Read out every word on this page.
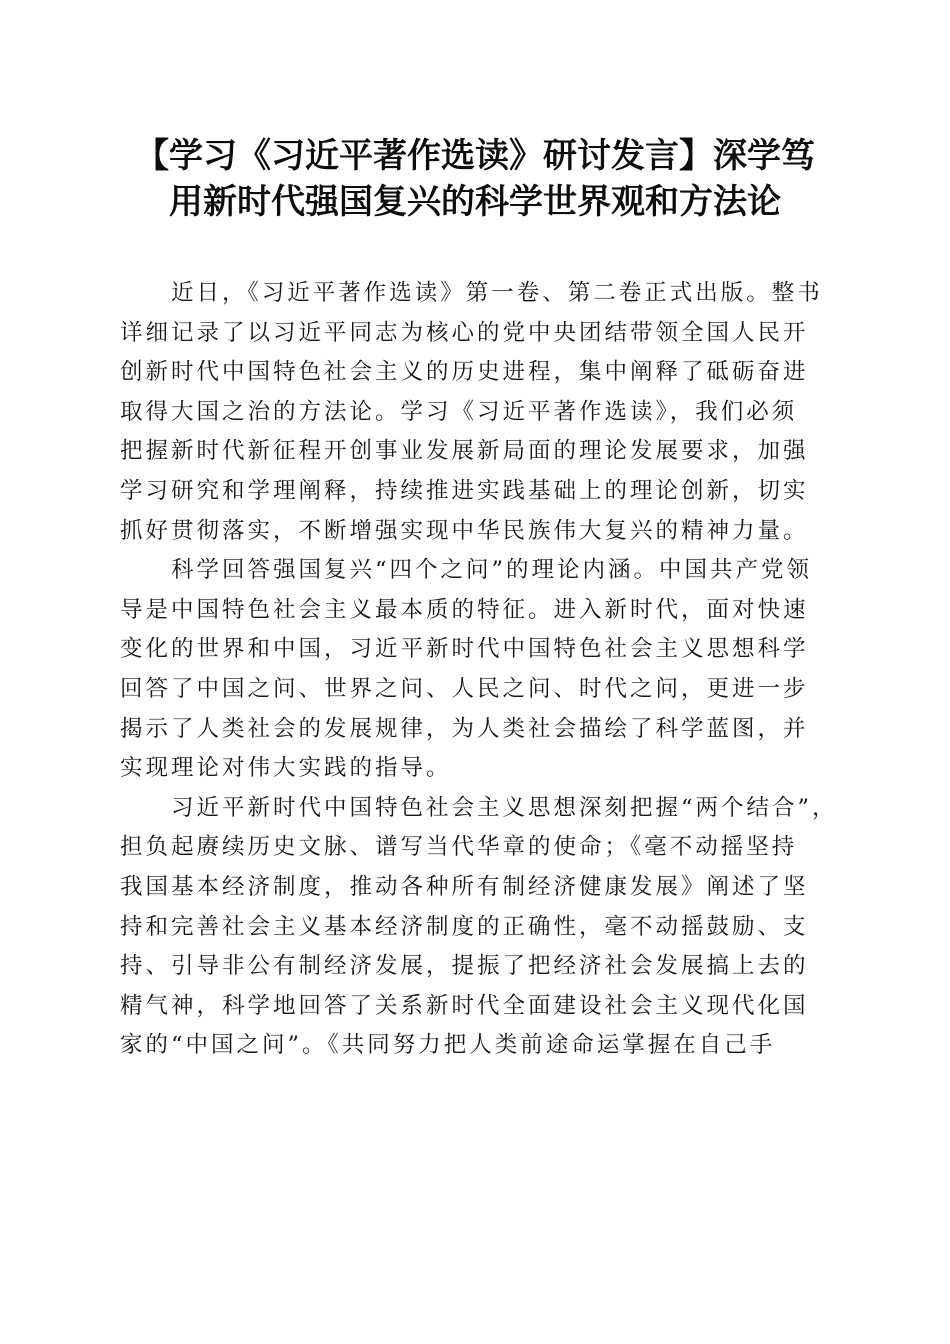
【学习《习近平著作选读》研讨发言】深学笃
用新时代强国复兴的科学世界观和方法论

　　近日，《习近平著作选读》第一卷、第二卷正式出版。整书
详细记录了以习近平同志为核心的党中央团结带领全国人民开
创新时代中国特色社会主义的历史进程，集中阐释了砥砺奋进
取得大国之治的方法论。学习《习近平著作选读》，我们必须
把握新时代新征程开创事业发展新局面的理论发展要求，加强
学习研究和学理阐释，持续推进实践基础上的理论创新，切实
抓好贯彻落实，不断增强实现中华民族伟大复兴的精神力量。

　　科学回答强国复兴“四个之问”的理论内涵。中国共产党领
导是中国特色社会主义最本质的特征。进入新时代，面对快速
变化的世界和中国，习近平新时代中国特色社会主义思想科学
回答了中国之问、世界之问、人民之问、时代之问，更进一步
揭示了人类社会的发展规律，为人类社会描绘了科学蓝图，并
实现理论对伟大实践的指导。

　　习近平新时代中国特色社会主义思想深刻把握“两个结合”，
担负起赓续历史文脉、谱写当代华章的使命；《毫不动摇坚持
我国基本经济制度，推动各种所有制经济健康发展》阐述了坚
持和完善社会主义基本经济制度的正确性，毫不动摇鼓励、支
持、引导非公有制经济发展，提振了把经济社会发展搞上去的
精气神，科学地回答了关系新时代全面建设社会主义现代化国
家的“中国之问”。《共同努力把人类前途命运掌握在自己手
